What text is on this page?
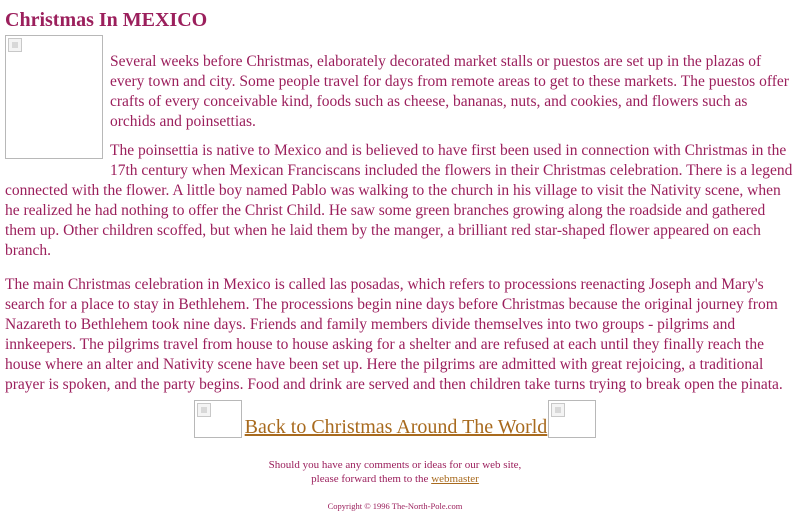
Christmas In MEXICO

Several weeks before Christmas, elaborately decorated market stalls or puestos are set up in the plazas of every town and city. Some people travel for days from remote areas to get to these markets. The puestos offer crafts of every conceivable kind, foods such as cheese, bananas, nuts, and cookies, and flowers such as orchids and poinsettias.

The poinsettia is native to Mexico and is believed to have first been used in connection with Christmas in the 17th century when Mexican Franciscans included the flowers in their Christmas celebration. There is a legend connected with the flower. A little boy named Pablo was walking to the church in his village to visit the Nativity scene, when he realized he had nothing to offer the Christ Child. He saw some green branches growing along the roadside and gathered them up. Other children scoffed, but when he laid them by the manger, a brilliant red star-shaped flower appeared on each branch.

The main Christmas celebration in Mexico is called las posadas, which refers to processions reenacting Joseph and Mary's search for a place to stay in Bethlehem. The processions begin nine days before Christmas because the original journey from Nazareth to Bethlehem took nine days. Friends and family members divide themselves into two groups - pilgrims and innkeepers. The pilgrims travel from house to house asking for a shelter and are refused at each until they finally reach the house where an alter and Nativity scene have been set up. Here the pilgrims are admitted with great rejoicing, a traditional prayer is spoken, and the party begins. Food and drink are served and then children take turns trying to break open the pinata.

Back to Christmas Around The World
Should you have any comments or ideas for our web site,
please forward them to the webmaster
Copyright © 1996 The-North-Pole.com
